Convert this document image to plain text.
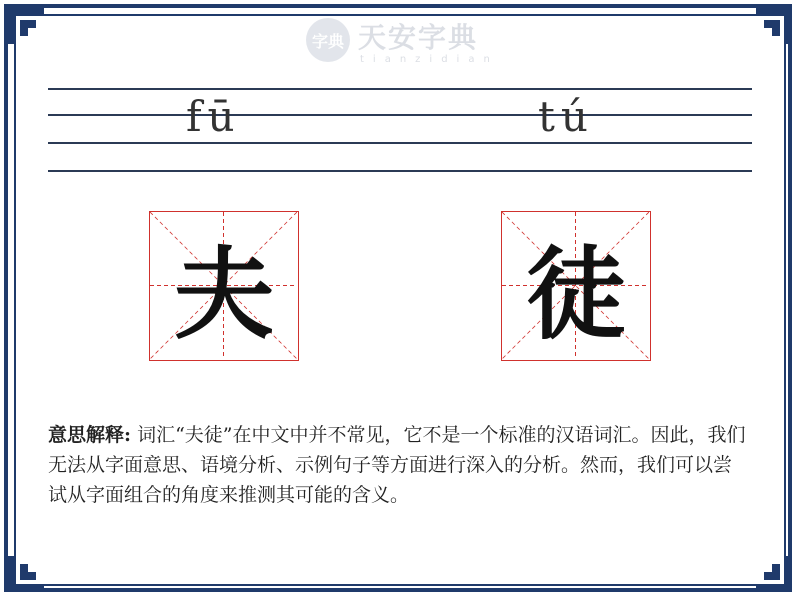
字典 天安字典
tianzidian
fū	tú
夫	徒
意思解释: 词汇“夫徒”在中文中并不常见，它不是一个标准的汉语词汇。因此，我们无法从字面意思、语境分析、示例句子等方面进行深入的分析。然而，我们可以尝试从字面组合的角度来推测其可能的含义。
